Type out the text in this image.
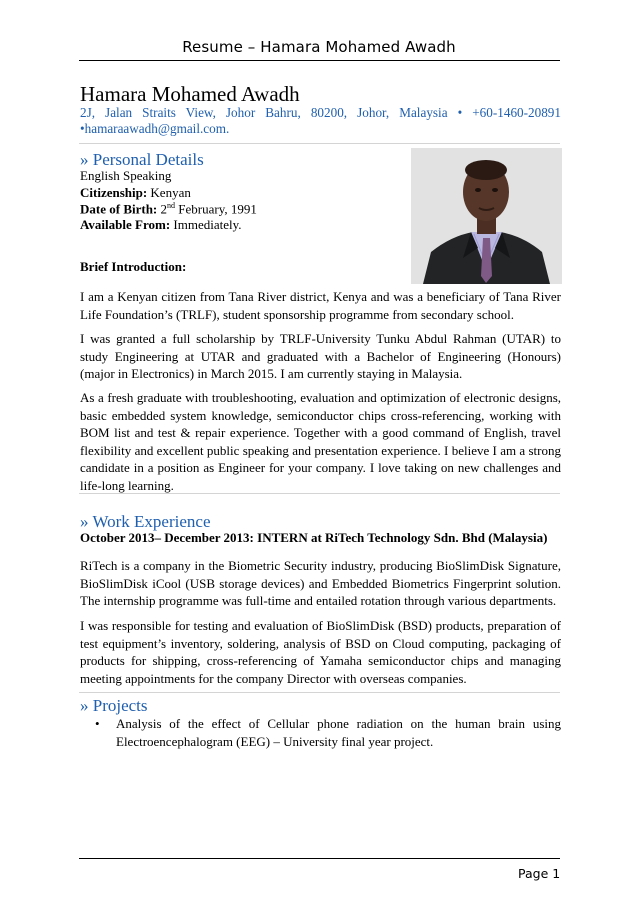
Resume – Hamara Mohamed Awadh
Hamara Mohamed Awadh
2J, Jalan Straits View, Johor Bahru, 80200, Johor, Malaysia • +60-1460-20891
•hamaraawadh@gmail.com.
» Personal Details
English Speaking
Citizenship: Kenyan
Date of Birth: 2nd February, 1991
Available From: Immediately.
Brief Introduction:
I am a Kenyan citizen from Tana River district, Kenya and was a beneficiary of Tana River Life Foundation’s (TRLF), student sponsorship programme from secondary school.
I was granted a full scholarship by TRLF-University Tunku Abdul Rahman (UTAR) to study Engineering at UTAR and graduated with a Bachelor of Engineering (Honours) (major in Electronics) in March 2015. I am currently staying in Malaysia.
As a fresh graduate with troubleshooting, evaluation and optimization of electronic designs, basic embedded system knowledge, semiconductor chips cross-referencing, working with BOM list and test & repair experience. Together with a good command of English, travel flexibility and excellent public speaking and presentation experience. I believe I am a strong candidate in a position as Engineer for your company. I love taking on new challenges and life-long learning.
» Work Experience
October 2013– December 2013: INTERN at RiTech Technology Sdn. Bhd (Malaysia)
RiTech is a company in the Biometric Security industry, producing BioSlimDisk Signature, BioSlimDisk iCool (USB storage devices) and Embedded Biometrics Fingerprint solution. The internship programme was full-time and entailed rotation through various departments.
I was responsible for testing and evaluation of BioSlimDisk (BSD) products, preparation of test equipment’s inventory, soldering, analysis of BSD on Cloud computing, packaging of products for shipping, cross-referencing of Yamaha semiconductor chips and managing meeting appointments for the company Director with overseas companies.
» Projects
• Analysis of the effect of Cellular phone radiation on the human brain using Electroencephalogram (EEG) – University final year project.
Page 1
